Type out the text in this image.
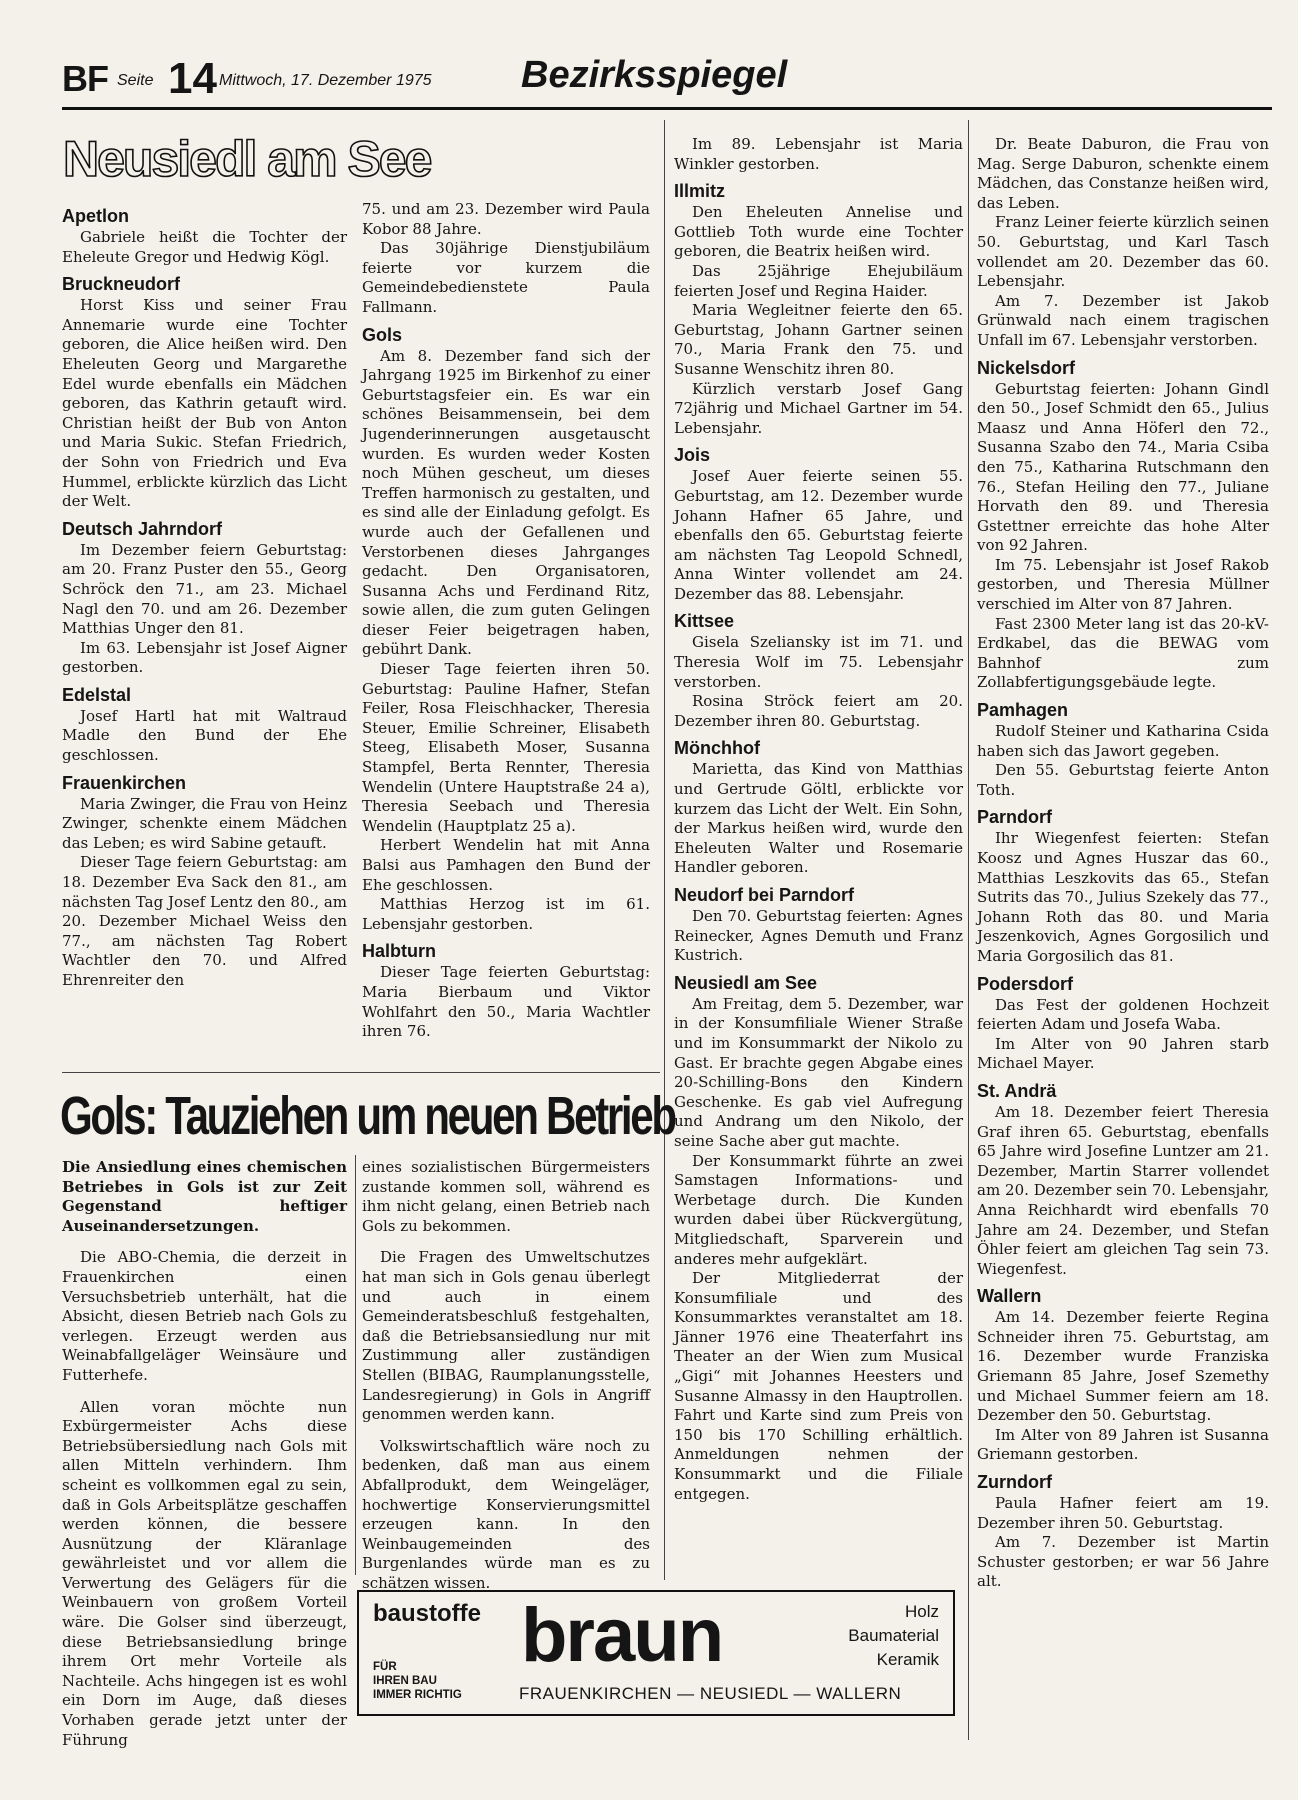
BF Seite 14 Mittwoch, 17. Dezember 1975 Bezirksspiegel
Neusiedl am See
Apetlon

Gabriele heißt die Tochter der Eheleute Gregor und Hedwig Kögl.

Bruckneudorf

Horst Kiss und seiner Frau Annemarie wurde eine Tochter geboren, die Alice heißen wird. Den Eheleuten Georg und Margarethe Edel wurde ebenfalls ein Mädchen geboren, das Kathrin getauft wird. Christian heißt der Bub von Anton und Maria Sukic. Stefan Friedrich, der Sohn von Friedrich und Eva Hummel, erblickte kürzlich das Licht der Welt.

Deutsch Jahrndorf

Im Dezember feiern Geburtstag: am 20. Franz Puster den 55., Georg Schröck den 71., am 23. Michael Nagl den 70. und am 26. Dezember Matthias Unger den 81.

Im 63. Lebensjahr ist Josef Aigner gestorben.

Edelstal

Josef Hartl hat mit Waltraud Madle den Bund der Ehe geschlossen.

Frauenkirchen

Maria Zwinger, die Frau von Heinz Zwinger, schenkte einem Mädchen das Leben; es wird Sabine getauft.

Dieser Tage feiern Geburtstag: am 18. Dezember Eva Sack den 81., am nächsten Tag Josef Lentz den 80., am 20. Dezember Michael Weiss den 77., am nächsten Tag Robert Wachtler den 70. und Alfred Ehrenreiter den

75. und am 23. Dezember wird Paula Kobor 88 Jahre.

Das 30jährige Dienstjubiläum feierte vor kurzem die Gemeindebedienstete Paula Fallmann.

Gols

Am 8. Dezember fand sich der Jahrgang 1925 im Birkenhof zu einer Geburtstagsfeier ein. Es war ein schönes Beisammensein, bei dem Jugenderinnerungen ausgetauscht wurden. Es wurden weder Kosten noch Mühen gescheut, um dieses Treffen harmonisch zu gestalten, und es sind alle der Einladung gefolgt. Es wurde auch der Gefallenen und Verstorbenen dieses Jahrganges gedacht. Den Organisatoren, Susanna Achs und Ferdinand Ritz, sowie allen, die zum guten Gelingen dieser Feier beigetragen haben, gebührt Dank.

Dieser Tage feierten ihren 50. Geburtstag: Pauline Hafner, Stefan Feiler, Rosa Fleischhacker, Theresia Steuer, Emilie Schreiner, Elisabeth Steeg, Elisabeth Moser, Susanna Stampfel, Berta Rennter, Theresia Wendelin (Untere Hauptstraße 24 a), Theresia Seebach und Theresia Wendelin (Hauptplatz 25 a).

Herbert Wendelin hat mit Anna Balsi aus Pamhagen den Bund der Ehe geschlossen.

Matthias Herzog ist im 61. Lebensjahr gestorben.

Halbturn

Dieser Tage feierten Geburtstag: Maria Bierbaum und Viktor Wohlfahrt den 50., Maria Wachtler ihren 76.

Im 89. Lebensjahr ist Maria Winkler gestorben.

Illmitz

Den Eheleuten Annelise und Gottlieb Toth wurde eine Tochter geboren, die Beatrix heißen wird.

Das 25jährige Ehejubiläum feierten Josef und Regina Haider.

Maria Wegleitner feierte den 65. Geburtstag, Johann Gartner seinen 70., Maria Frank den 75. und Susanne Wenschitz ihren 80.

Kürzlich verstarb Josef Gang 72jährig und Michael Gartner im 54. Lebensjahr.

Jois

Josef Auer feierte seinen 55. Geburtstag, am 12. Dezember wurde Johann Hafner 65 Jahre, und ebenfalls den 65. Geburtstag feierte am nächsten Tag Leopold Schnedl, Anna Winter vollendet am 24. Dezember das 88. Lebensjahr.

Kittsee

Gisela Szeliansky ist im 71. und Theresia Wolf im 75. Lebensjahr verstorben.

Rosina Ströck feiert am 20. Dezember ihren 80. Geburtstag.

Mönchhof

Marietta, das Kind von Matthias und Gertrude Göltl, erblickte vor kurzem das Licht der Welt. Ein Sohn, der Markus heißen wird, wurde den Eheleuten Walter und Rosemarie Handler geboren.

Neudorf bei Parndorf

Den 70. Geburtstag feierten: Agnes Reinecker, Agnes Demuth und Franz Kustrich.

Neusiedl am See

Am Freitag, dem 5. Dezember, war in der Konsumfiliale Wiener Straße und im Konsummarkt der Nikolo zu Gast. Er brachte gegen Abgabe eines 20-Schilling-Bons den Kindern Geschenke. Es gab viel Aufregung und Andrang um den Nikolo, der seine Sache aber gut machte.

Der Konsummarkt führte an zwei Samstagen Informations- und Werbetage durch. Die Kunden wurden dabei über Rückvergütung, Mitgliedschaft, Sparverein und anderes mehr aufgeklärt.

Der Mitgliederrat der Konsumfiliale und des Konsummarktes veranstaltet am 18. Jänner 1976 eine Theaterfahrt ins Theater an der Wien zum Musical „Gigi“ mit Johannes Heesters und Susanne Almassy in den Hauptrollen. Fahrt und Karte sind zum Preis von 150 bis 170 Schilling erhältlich. Anmeldungen nehmen der Konsummarkt und die Filiale entgegen.

Dr. Beate Daburon, die Frau von Mag. Serge Daburon, schenkte einem Mädchen, das Constanze heißen wird, das Leben.

Franz Leiner feierte kürzlich seinen 50. Geburtstag, und Karl Tasch vollendet am 20. Dezember das 60. Lebensjahr.

Am 7. Dezember ist Jakob Grünwald nach einem tragischen Unfall im 67. Lebensjahr verstorben.

Nickelsdorf

Geburtstag feierten: Johann Gindl den 50., Josef Schmidt den 65., Julius Maasz und Anna Höferl den 72., Susanna Szabo den 74., Maria Csiba den 75., Katharina Rutschmann den 76., Stefan Heiling den 77., Juliane Horvath den 89. und Theresia Gstettner erreichte das hohe Alter von 92 Jahren.

Im 75. Lebensjahr ist Josef Rakob gestorben, und Theresia Müllner verschied im Alter von 87 Jahren.

Fast 2300 Meter lang ist das 20-kV-Erdkabel, das die BEWAG vom Bahnhof zum Zollabfertigungsgebäude legte.

Pamhagen

Rudolf Steiner und Katharina Csida haben sich das Jawort gegeben.

Den 55. Geburtstag feierte Anton Toth.

Parndorf

Ihr Wiegenfest feierten: Stefan Koosz und Agnes Huszar das 60., Matthias Leszkovits das 65., Stefan Sutrits das 70., Julius Szekely das 77., Johann Roth das 80. und Maria Jeszenkovich, Agnes Gorgosilich und Maria Gorgosilich das 81.

Podersdorf

Das Fest der goldenen Hochzeit feierten Adam und Josefa Waba.

Im Alter von 90 Jahren starb Michael Mayer.

St. Andrä

Am 18. Dezember feiert Theresia Graf ihren 65. Geburtstag, ebenfalls 65 Jahre wird Josefine Luntzer am 21. Dezember, Martin Starrer vollendet am 20. Dezember sein 70. Lebensjahr, Anna Reichhardt wird ebenfalls 70 Jahre am 24. Dezember, und Stefan Öhler feiert am gleichen Tag sein 73. Wiegenfest.

Wallern

Am 14. Dezember feierte Regina Schneider ihren 75. Geburtstag, am 16. Dezember wurde Franziska Griemann 85 Jahre, Josef Szemethy und Michael Summer feiern am 18. Dezember den 50. Geburtstag.

Im Alter von 89 Jahren ist Susanna Griemann gestorben.

Zurndorf

Paula Hafner feiert am 19. Dezember ihren 50. Geburtstag.

Am 7. Dezember ist Martin Schuster gestorben; er war 56 Jahre alt.

Gols: Tauziehen um neuen Betrieb

Die Ansiedlung eines chemischen Betriebes in Gols ist zur Zeit Gegenstand heftiger Auseinandersetzungen.

Die ABO-Chemia, die derzeit in Frauenkirchen einen Versuchsbetrieb unterhält, hat die Absicht, diesen Betrieb nach Gols zu verlegen. Erzeugt werden aus Weinabfallgeläger Weinsäure und Futterhefe.

Allen voran möchte nun Exbürgermeister Achs diese Betriebsübersiedlung nach Gols mit allen Mitteln verhindern. Ihm scheint es vollkommen egal zu sein, daß in Gols Arbeitsplätze geschaffen werden können, die bessere Ausnützung der Kläranlage gewährleistet und vor allem die Verwertung des Gelägers für die Weinbauern von großem Vorteil wäre. Die Golser sind überzeugt, diese Betriebsansiedlung bringe ihrem Ort mehr Vorteile als Nachteile. Achs hingegen ist es wohl ein Dorn im Auge, daß dieses Vorhaben gerade jetzt unter der Führung

eines sozialistischen Bürgermeisters zustande kommen soll, während es ihm nicht gelang, einen Betrieb nach Gols zu bekommen.

Die Fragen des Umweltschutzes hat man sich in Gols genau überlegt und auch in einem Gemeinderatsbeschluß festgehalten, daß die Betriebsansiedlung nur mit Zustimmung aller zuständigen Stellen (BIBAG, Raumplanungsstelle, Landesregierung) in Gols in Angriff genommen werden kann.

Volkswirtschaftlich wäre noch zu bedenken, daß man aus einem Abfallprodukt, dem Weingeläger, hochwertige Konservierungsmittel erzeugen kann. In den Weinbaugemeinden des Burgenlandes würde man es zu schätzen wissen.

baustoffe
FÜR
IHREN BAU
IMMER RICHTIG
braun	Holz
Baumaterial
Keramik
FRAUENKIRCHEN — NEUSIEDL — WALLERN
